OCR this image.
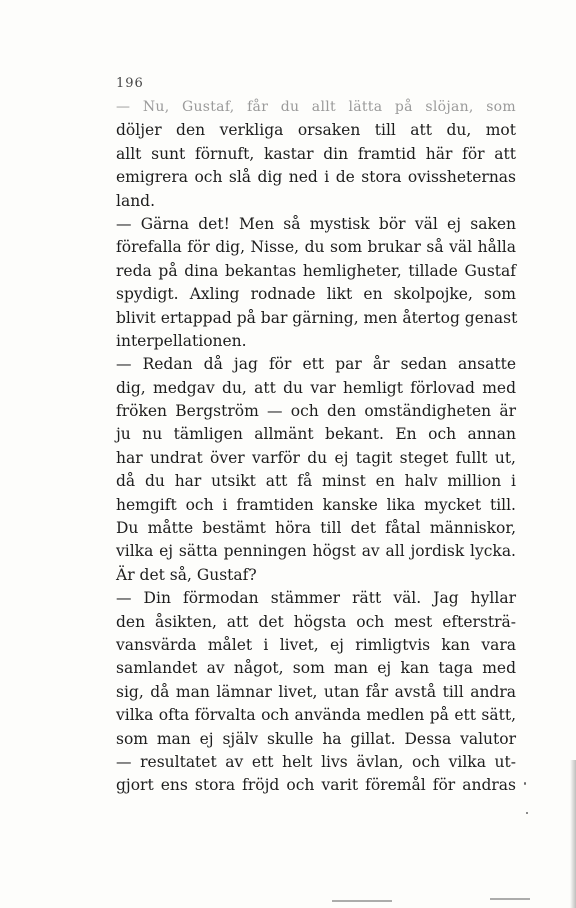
196
— Nu, Gustaf, får du allt lätta på slöjan, som
döljer den verkliga orsaken till att du, mot
allt sunt förnuft, kastar din framtid här för att
emigrera och slå dig ned i de stora ovissheternas
land.
— Gärna det! Men så mystisk bör väl ej saken
förefalla för dig, Nisse, du som brukar så väl hålla
reda på dina bekantas hemligheter, tillade Gustaf
spydigt. Axling rodnade likt en skolpojke, som
blivit ertappad på bar gärning, men återtog genast
interpellationen.
— Redan då jag för ett par år sedan ansatte
dig, medgav du, att du var hemligt förlovad med
fröken Bergström — och den omständigheten är
ju nu tämligen allmänt bekant. En och annan
har undrat över varför du ej tagit steget fullt ut,
då du har utsikt att få minst en halv million i
hemgift och i framtiden kanske lika mycket till.
Du måtte bestämt höra till det fåtal människor,
vilka ej sätta penningen högst av all jordisk lycka.
Är det så, Gustaf?
— Din förmodan stämmer rätt väl. Jag hyllar
den åsikten, att det högsta och mest eftersträ-
vansvärda målet i livet, ej rimligtvis kan vara
samlandet av något, som man ej kan taga med
sig, då man lämnar livet, utan får avstå till andra
vilka ofta förvalta och använda medlen på ett sätt,
som man ej själv skulle ha gillat. Dessa valutor
— resultatet av ett helt livs ävlan, och vilka ut-
gjort ens stora fröjd och varit föremål för andras
